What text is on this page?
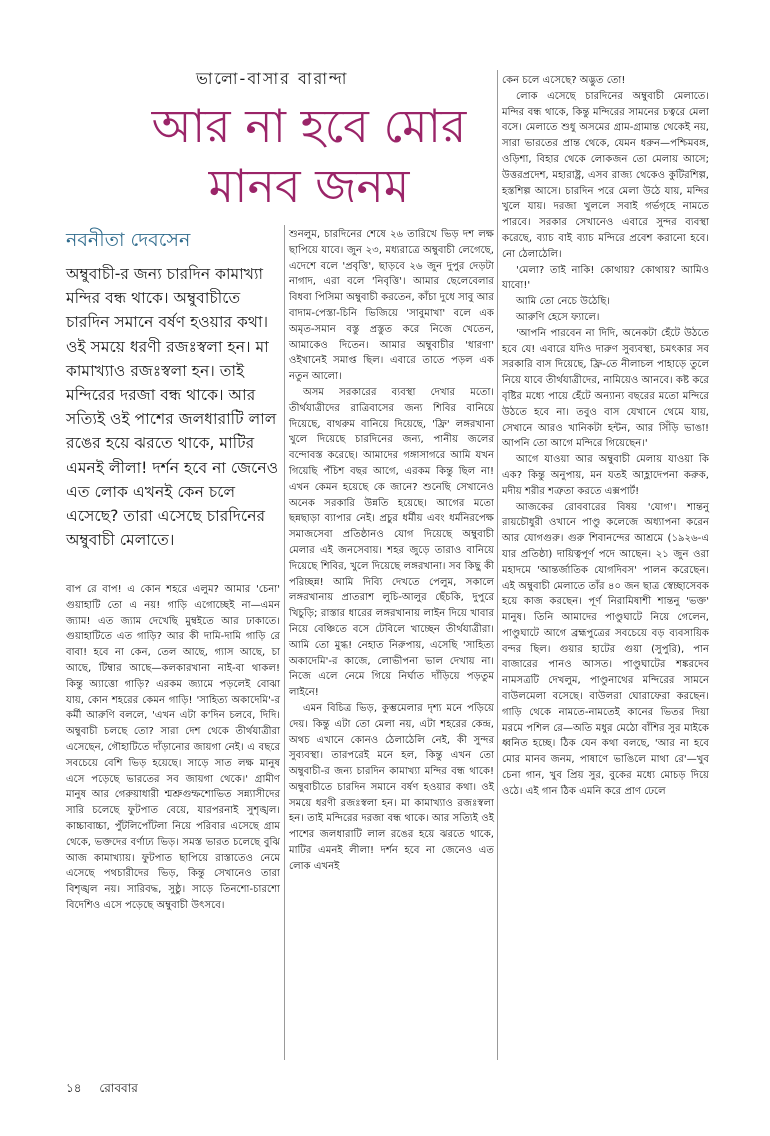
ভালো-বাসার বারান্দা
আর না হবে মোর
মানব জনম
নবনীতা দেবসেন

অম্বুবাচী-র জন্য চারদিন কামাখ্যা মন্দির বন্ধ থাকে। অম্বুবাচীতে চারদিন সমানে বর্ষণ হওয়ার কথা। ওই সময়ে ধরণী রজঃস্বলা হন। মা কামাখ্যাও রজঃস্বলা হন। তাই মন্দিরের দরজা বন্ধ থাকে। আর সত্যিই ওই পাশের জলধারাটি লাল রঙের হয়ে ঝরতে থাকে, মাটির এমনই লীলা! দর্শন হবে না জেনেও এত লোক এখনই কেন চলে এসেছে? তারা এসেছে চারদিনের অম্বুবাচী মেলাতে।

বাপ রে বাপ! এ কোন শহরে এলুম? আমার 'চেনা' গুয়াহাটি তো এ নয়! গাড়ি এগোচ্ছেই না—এমন জ্যাম! এত জ্যাম দেখেছি মুম্বইতে আর ঢাকাতে। গুয়াহাটিতে এত গাড়ি? আর কী দামি-দামি গাড়ি রে বাবা! হবে না কেন, তেল আছে, গ্যাস আছে, চা আছে, টিম্বার আছে—কলকারখানা নাই-বা থাকল! কিন্তু অ্যাত্তো গাড়ি? এরকম জ্যামে পড়লেই বোঝা যায়, কোন শহরের কেমন গাড়ি! 'সাহিত্য অকাদেমি'-র কর্মী আরুণি বললে, 'এখন এটা ক'দিন চলবে, দিদি। অম্বুবাচী চলছে তো? সারা দেশ থেকে তীর্থযাত্রীরা এসেছেন, গৌহাটিতে দাঁড়ানোর জায়গা নেই। এ বছরে সবচেয়ে বেশি ভিড় হয়েছে। সাড়ে সাত লক্ষ মানুষ এসে পড়েছে ভারতের সব জায়গা থেকে।' গ্রামীণ মানুষ আর গেরুয়াধারী শ্মশ্রুগুম্ফশোভিত সন্ন্যাসীদের সারি চলেছে ফুটপাত বেয়ে, যারপরনাই সুশৃঙ্খল। কাচ্চাবাচ্চা, পুঁটলিপোঁটলা নিয়ে পরিবার এসেছে গ্রাম থেকে, ভক্তদের বর্ণাঢ্য ভিড়। সমস্ত ভারত চলেছে বুঝি আজ কামাখ্যায়। ফুটপাত ছাপিয়ে রাস্তাতেও নেমে এসেছে পথচারীদের ভিড়, কিন্তু সেখানেও তারা বিশৃঙ্খল নয়। সারিবদ্ধ, সুষ্ঠু। সাড়ে তিনশো-চারশো বিদেশিও এসে পড়েছে অম্বুবাচী উৎসবে।

শুনলুম, চারদিনের শেষে ২৬ তারিখে ভিড় দশ লক্ষ ছাপিয়ে যাবে। জুন ২৩, মধ্যরাত্রে অম্বুবাচী লেগেছে, এদেশে বলে 'প্রবৃত্তি', ছাড়বে ২৬ জুন দুপুর দেড়টা নাগাদ, এরা বলে 'নিবৃত্তি'। আমার ছেলেবেলার বিধবা পিসিমা অম্বুবাচী করতেন, কাঁচা দুধে সাবু আর বাদাম-পেস্তা-চিনি ভিজিয়ে 'সাবুমাখা' বলে এক অমৃত-সমান বস্তু প্রস্তুত করে নিজে খেতেন, আমাকেও দিতেন। আমার অম্বুবাচীর 'ধারণা' ওইখানেই সমাপ্ত ছিল। এবারে তাতে পড়ল এক নতুন আলো।

অসম সরকারের ব্যবস্থা দেখার মতো। তীর্থযাত্রীদের রাত্রিবাসের জন্য শিবির বানিয়ে দিয়েছে, বাথরুম বানিয়ে দিয়েছে, 'ফ্রি' লঙ্গরখানা খুলে দিয়েছে চারদিনের জন্য, পানীয় জলের বন্দোবস্ত করেছে। আমাদের গঙ্গাসাগরে আমি যখন গিয়েছি পঁচিশ বছর আগে, এরকম কিন্তু ছিল না! এখন কেমন হয়েছে কে জানে? শুনেছি সেখানেও অনেক সরকারি উন্নতি হয়েছে। আগের মতো ছন্নছাড়া ব্যাপার নেই। প্রচুর ধর্মীয় এবং ধর্মনিরপেক্ষ সমাজসেবা প্রতিষ্ঠানও যোগ দিয়েছে অম্বুবাচী মেলার এই জনসেবায়। শহর জুড়ে তারাও বানিয়ে দিয়েছে শিবির, খুলে দিয়েছে লঙ্গরখানা। সব কিছু কী পরিচ্ছন্ন! আমি দিব্যি দেখতে পেলুম, সকালে লঙ্গরখানায় প্রাতরাশ লুচি-আলুর ছেঁচকি, দুপুরে খিচুড়ি; রাস্তার ধারের লঙ্গরখানায় লাইন দিয়ে খাবার নিয়ে বেঞ্চিতে বসে টেবিলে খাচ্ছেন তীর্থযাত্রীরা। আমি তো মুগ্ধ! নেহাত নিরুপায়, এসেছি 'সাহিত্য অকাদেমি'-র কাজে, লোভীপনা ভাল দেখায় না। নিজে এলে নেমে গিয়ে নির্ঘাত দাঁড়িয়ে পড়তুম লাইনে!

এমন বিচিত্র ভিড়, কুম্ভমেলার দৃশ্য মনে পড়িয়ে দেয়। কিন্তু এটা তো মেলা নয়, এটা শহরের কেন্দ্র, অথচ এখানে কোনও ঠেলাঠেলি নেই, কী সুন্দর সুব্যবস্থা। তারপরেই মনে হল, কিন্তু এখন তো অম্বুবাচী-র জন্য চারদিন কামাখ্যা মন্দির বন্ধ থাকে! অম্বুবাচীতে চারদিন সমানে বর্ষণ হওয়ার কথা। ওই সময়ে ধরণী রজঃস্বলা হন। মা কামাখ্যাও রজঃস্বলা হন। তাই মন্দিরের দরজা বন্ধ থাকে। আর সত্যিই ওই পাশের জলধারাটি লাল রঙের হয়ে ঝরতে থাকে, মাটির এমনই লীলা! দর্শন হবে না জেনেও এত লোক এখনই

কেন চলে এসেছে? অদ্ভুত তো!

লোক এসেছে চারদিনের অম্বুবাচী মেলাতে। মন্দির বন্ধ থাকে, কিন্তু মন্দিরের সামনের চত্বরে মেলা বসে। মেলাতে শুধু অসমের গ্রাম-গ্রামান্ত থেকেই নয়, সারা ভারতের প্রান্ত থেকে, যেমন ধরুন—পশ্চিমবঙ্গ, ওড়িশা, বিহার থেকে লোকজন তো মেলায় আসে; উত্তরপ্রদেশ, মহারাষ্ট্র, এসব রাজ্য থেকেও কুটিরশিল্প, হস্তশিল্প আসে। চারদিন পরে মেলা উঠে যায়, মন্দির খুলে যায়। দরজা খুললে সবাই গর্ভগৃহে নামতে পারবে। সরকার সেখানেও এবারে সুন্দর ব্যবস্থা করেছে, ব্যাচ বাই ব্যাচ মন্দিরে প্রবেশ করানো হবে। নো ঠেলাঠেলি।

'মেলা? তাই নাকি! কোথায়? কোথায়? আমিও যাবো!'

আমি তো নেচে উঠেছি।

আরুণি হেসে ফ্যালে।

'আপনি পারবেন না দিদি, অনেকটা হেঁটে উঠতে হবে যে! এবারে যদিও দারুণ সুব্যবস্থা, চমৎকার সব সরকারি বাস দিয়েছে, ফ্রি-তে নীলাচল পাহাড়ে তুলে নিয়ে যাবে তীর্থযাত্রীদের, নামিয়েও আনবে। কষ্ট করে বৃষ্টির মধ্যে পায়ে হেঁটে অন্যান্য বছরের মতো মন্দিরে উঠতে হবে না। তবুও বাস যেখানে থেমে যায়, সেখানে আরও খানিকটা হন্টন, আর সিঁড়ি ভাঙা! আপনি তো আগে মন্দিরে গিয়েছেন।'

আগে যাওয়া আর অম্বুবাচী মেলায় যাওয়া কি এক? কিন্তু অনুপায়, মন যতই আহ্লাদেপনা করুক, মদীয় শরীর শত্রুতা করতে এক্সপার্ট!

আজকের রোববারের বিষয় 'যোগ'। শান্তনু রায়চৌধুরী ওখানে পাণ্ডু কলেজে অধ্যাপনা করেন আর যোগগুরু। গুরু শিবানন্দের আশ্রমে (১৯২৬-এ যার প্রতিষ্ঠা) দায়িত্বপূর্ণ পদে আছেন। ২১ জুন ওরা মহাদমে 'আন্তর্জাতিক যোগদিবস' পালন করেছেন। এই অম্বুবাচী মেলাতে তাঁর ৪০ জন ছাত্র স্বেচ্ছাসেবক হয়ে কাজ করছেন। পূর্ণ নিরামিষাশী শান্তনু 'ভক্ত' মানুষ। তিনি আমাদের পাণ্ডুঘাটে নিয়ে গেলেন, পাণ্ডুঘাটে আগে ব্রহ্মপুত্রের সবচেয়ে বড় ব্যবসায়িক বন্দর ছিল। গুয়ার হাটের গুয়া (সুপুরি), পান বাজারের পানও আসত। পাণ্ডুঘাটের শঙ্করদেব নামসত্রটি দেখলুম, পাণ্ডুনাথের মন্দিরের সামনে বাউলমেলা বসেছে। বাউলরা ঘোরাফেরা করছেন। গাড়ি থেকে নামতে-নামতেই কানের ভিতর দিয়া মরমে পশিল রে—অতি মধুর মেঠো বাঁশির সুর মাইকে ধ্বনিত হচ্ছে। ঠিক যেন কথা বলছে, 'আর না হবে মোর মানব জনম, পাষাণে ভাঙিলে মাথা রে'—খুব চেনা গান, খুব প্রিয় সুর, বুকের মধ্যে মোচড় দিয়ে ওঠে। এই গান ঠিক এমনি করে প্রাণ ঢেলে

১৪ রোববার
